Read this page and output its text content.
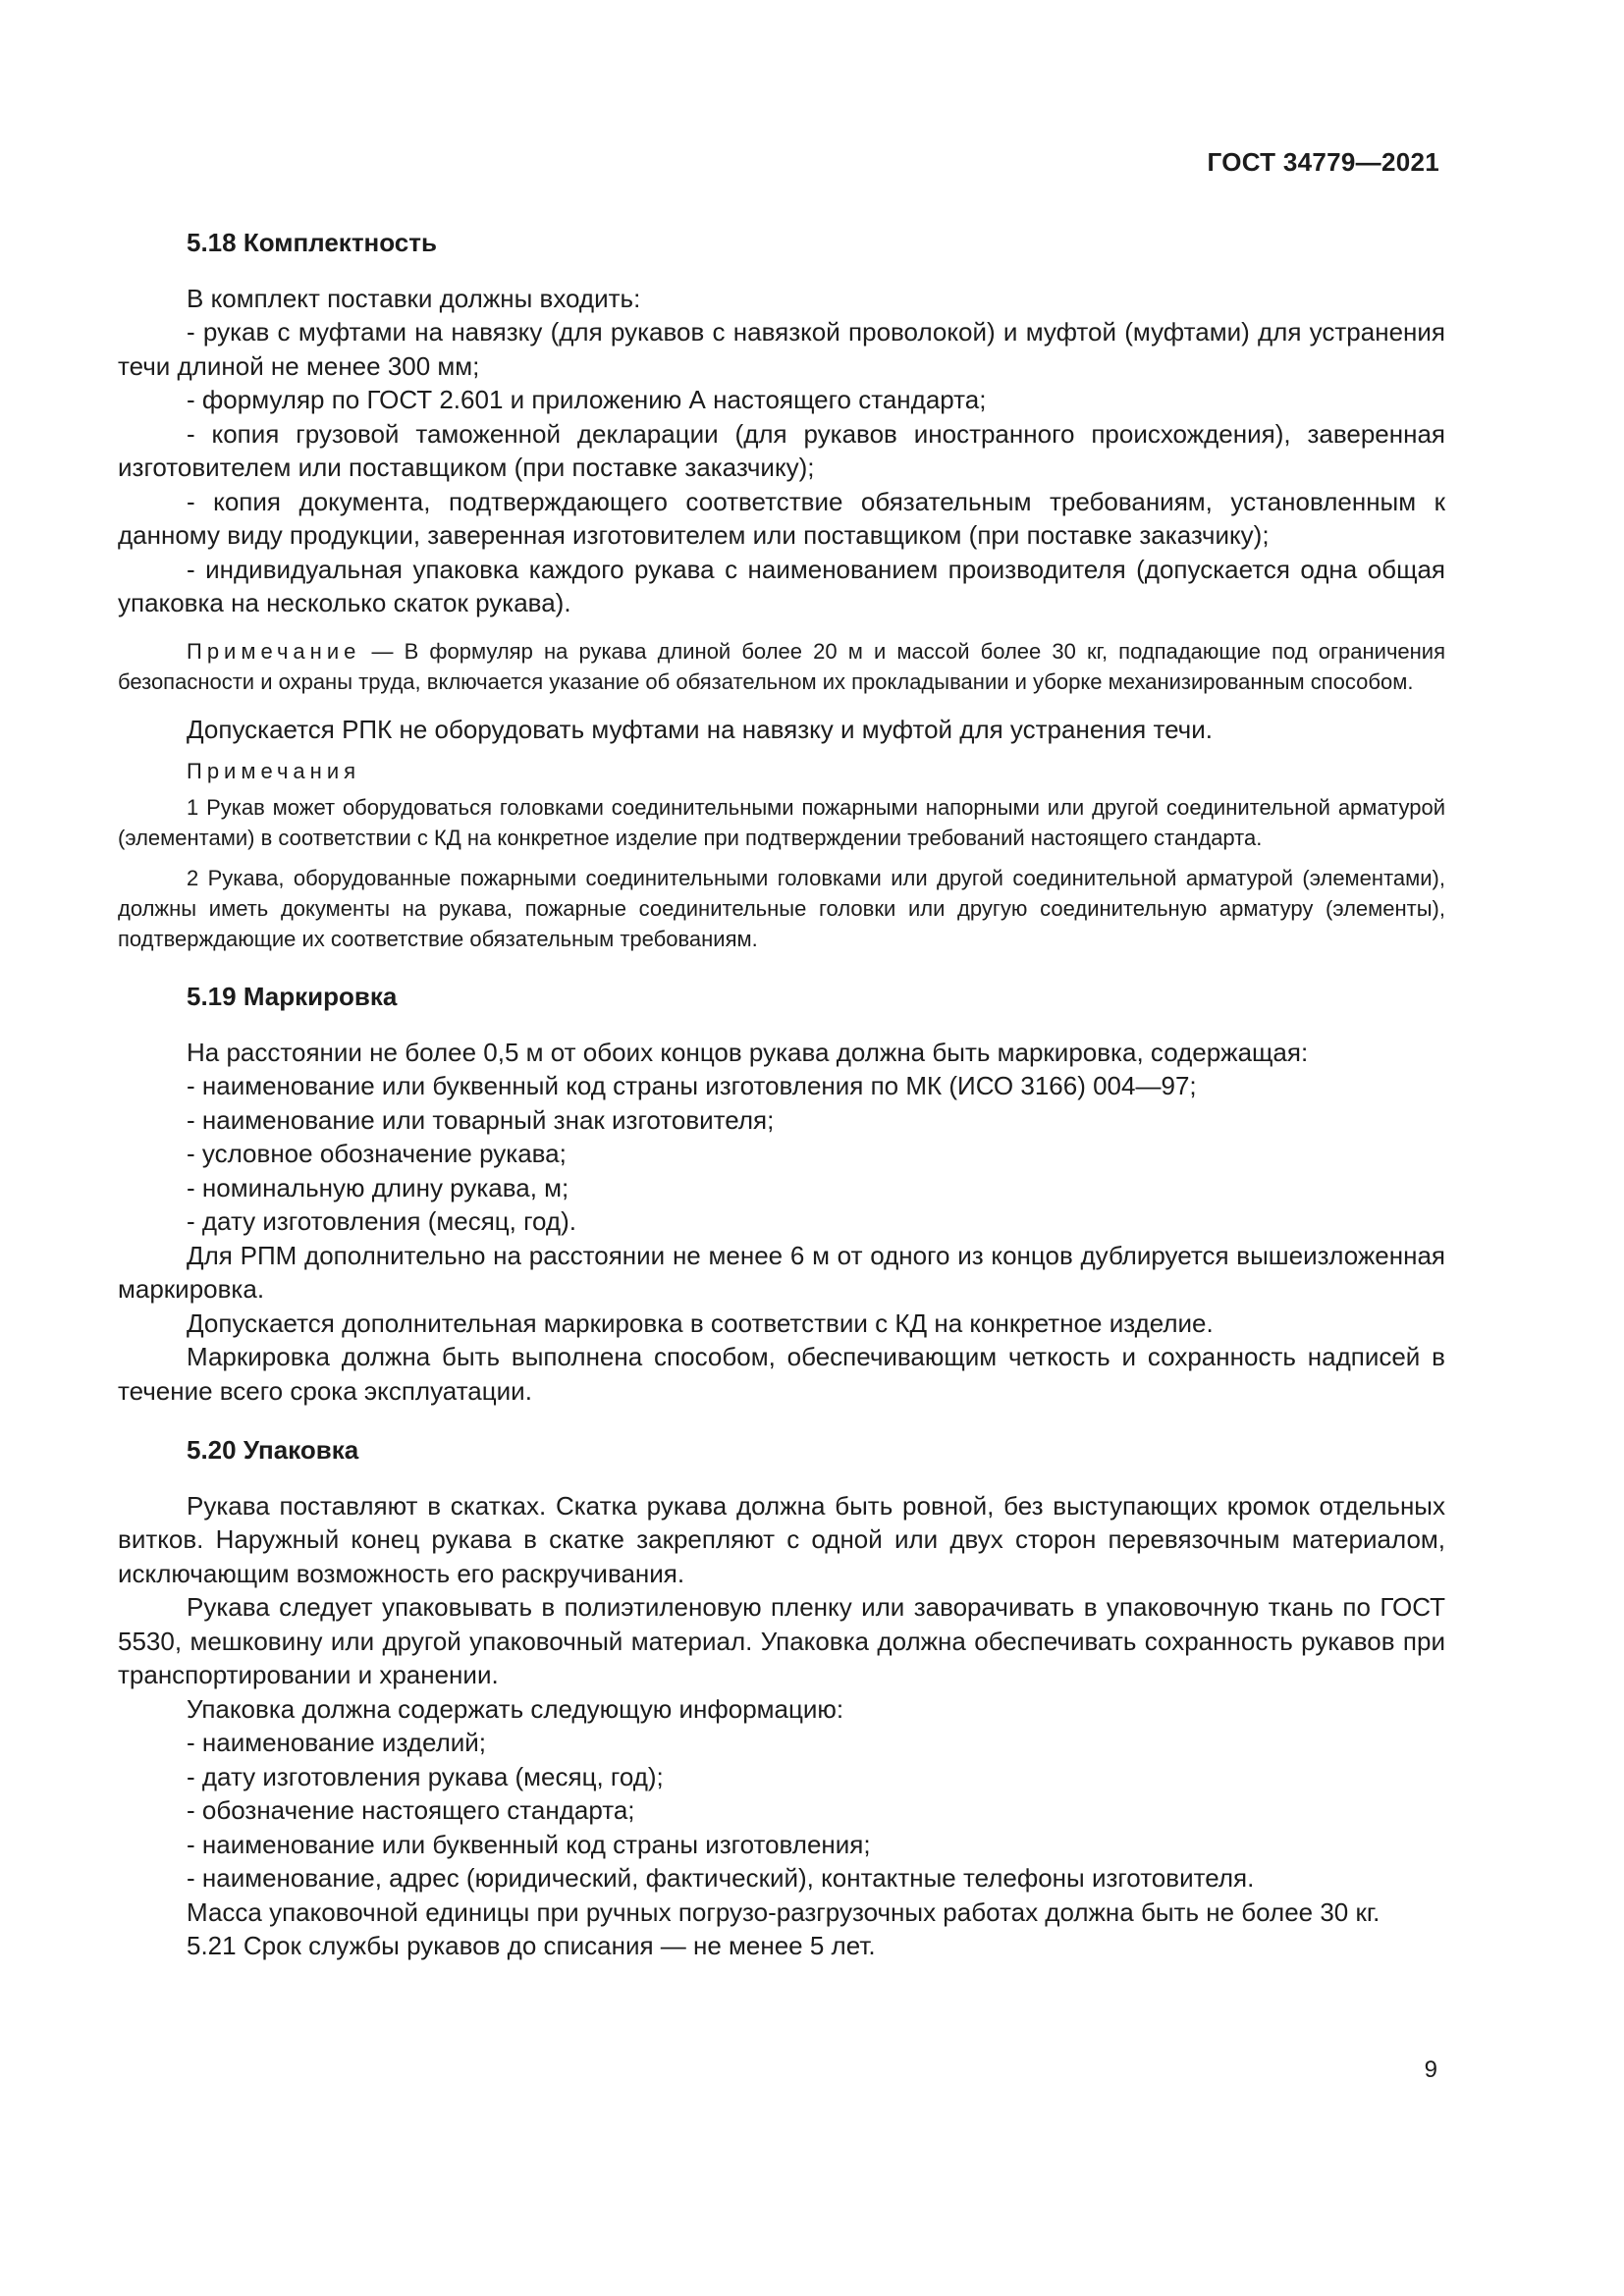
ГОСТ 34779—2021

5.18 Комплектность

В комплект поставки должны входить:

- рукав с муфтами на навязку (для рукавов с навязкой проволокой) и муфтой (муфтами) для устранения течи длиной не менее 300 мм;

- формуляр по ГОСТ 2.601 и приложению А настоящего стандарта;

- копия грузовой таможенной декларации (для рукавов иностранного происхождения), заверенная изготовителем или поставщиком (при поставке заказчику);

- копия документа, подтверждающего соответствие обязательным требованиям, установленным к данному виду продукции, заверенная изготовителем или поставщиком (при поставке заказчику);

- индивидуальная упаковка каждого рукава с наименованием производителя (допускается одна общая упаковка на несколько скаток рукава).

Примечание — В формуляр на рукава длиной более 20 м и массой более 30 кг, подпадающие под ограничения безопасности и охраны труда, включается указание об обязательном их прокладывании и уборке механизированным способом.

Допускается РПК не оборудовать муфтами на навязку и муфтой для устранения течи.

Примечания

1 Рукав может оборудоваться головками соединительными пожарными напорными или другой соединительной арматурой (элементами) в соответствии с КД на конкретное изделие при подтверждении требований настоящего стандарта.

2 Рукава, оборудованные пожарными соединительными головками или другой соединительной арматурой (элементами), должны иметь документы на рукава, пожарные соединительные головки или другую соединительную арматуру (элементы), подтверждающие их соответствие обязательным требованиям.

5.19 Маркировка

На расстоянии не более 0,5 м от обоих концов рукава должна быть маркировка, содержащая:

- наименование или буквенный код страны изготовления по МК (ИСО 3166) 004—97;

- наименование или товарный знак изготовителя;

- условное обозначение рукава;

- номинальную длину рукава, м;

- дату изготовления (месяц, год).

Для РПМ дополнительно на расстоянии не менее 6 м от одного из концов дублируется вышеизложенная маркировка.

Допускается дополнительная маркировка в соответствии с КД на конкретное изделие.

Маркировка должна быть выполнена способом, обеспечивающим четкость и сохранность надписей в течение всего срока эксплуатации.

5.20 Упаковка

Рукава поставляют в скатках. Скатка рукава должна быть ровной, без выступающих кромок отдельных витков. Наружный конец рукава в скатке закрепляют с одной или двух сторон перевязочным материалом, исключающим возможность его раскручивания.

Рукава следует упаковывать в полиэтиленовую пленку или заворачивать в упаковочную ткань по ГОСТ 5530, мешковину или другой упаковочный материал. Упаковка должна обеспечивать сохранность рукавов при транспортировании и хранении.

Упаковка должна содержать следующую информацию:

- наименование изделий;

- дату изготовления рукава (месяц, год);

- обозначение настоящего стандарта;

- наименование или буквенный код страны изготовления;

- наименование, адрес (юридический, фактический), контактные телефоны изготовителя.

Масса упаковочной единицы при ручных погрузо-разгрузочных работах должна быть не более 30 кг.

5.21 Срок службы рукавов до списания — не менее 5 лет.

9
